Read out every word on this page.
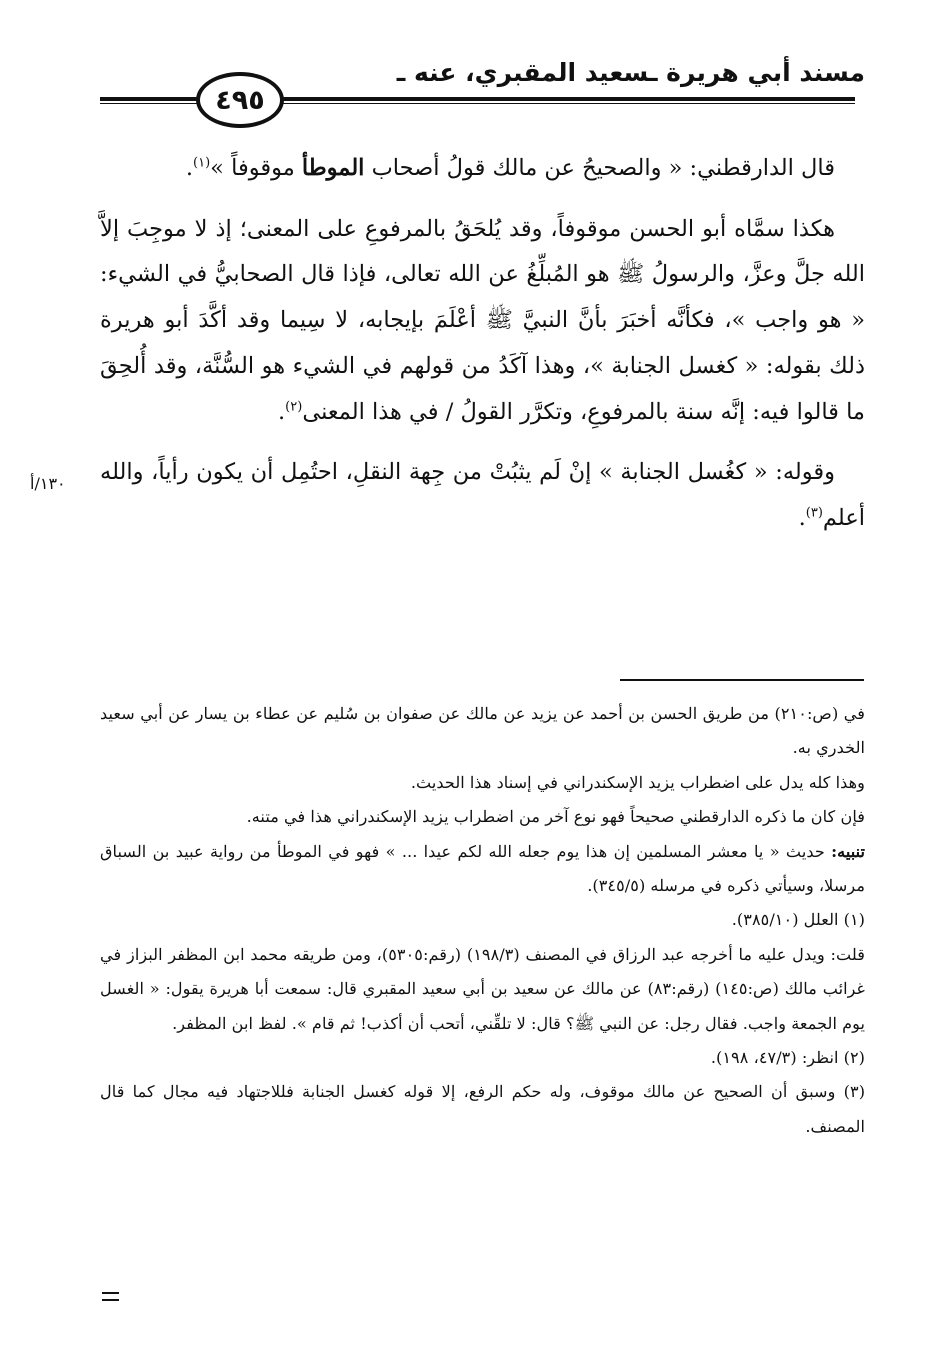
مسند أبي هريرة ـسعيد المقبري، عنه ـ
٤٩٥
١٣٠/أ

قال الدارقطني: « والصحيحُ عن مالك قولُ أصحاب الموطأ موقوفاً »$^{(١)}$.

هكذا سمَّاه أبو الحسن موقوفاً، وقد يُلحَقُ بالمرفوعِ على المعنى؛ إذ لا موجِبَ إلاَّ الله جلَّ وعزَّ، والرسولُ ﷺ هو المُبلِّغُ عن الله تعالى، فإذا قال الصحابيُّ في الشيء: « هو واجب »، فكأنَّه أخبَرَ بأنَّ النبيَّ ﷺ أعْلَمَ بإيجابه، لا سِيما وقد أكَّدَ أبو هريرة ذلك بقوله: « كغسل الجنابة »، وهذا آكَدُ من قولهم في الشيء هو السُّنَّة، وقد أُلحِقَ ما قالوا فيه: إنَّه سنة بالمرفوعِ، وتكرَّر القولُ / في هذا المعنى$^{(٢)}$.

وقوله: « كغُسل الجنابة » إنْ لَم يثبُتْ من جِهة النقلِ، احتُمِل أن يكون رأياً، والله أعلم$^{(٣)}$.

في (ص:٢١٠) من طريق الحسن بن أحمد عن يزيد عن مالك عن صفوان بن سُليم عن عطاء بن يسار عن أبي سعيد الخدري به.

وهذا كله يدل على اضطراب يزيد الإسكندراني في إسناد هذا الحديث.

فإن كان ما ذكره الدارقطني صحيحاً فهو نوع آخر من اضطراب يزيد الإسكندراني هذا في متنه.

تنبيه: حديث « يا معشر المسلمين إن هذا يوم جعله الله لكم عيدا ... » فهو في الموطأ من رواية عبيد بن السباق مرسلا، وسيأتي ذكره في مرسله (٣٤٥/٥).

(١) العلل (٣٨٥/١٠).

قلت: ويدل عليه ما أخرجه عبد الرزاق في المصنف (١٩٨/٣) (رقم:٥٣٠٥)، ومن طريقه محمد ابن المظفر البزاز في غرائب مالك (ص:١٤٥) (رقم:٨٣) عن مالك عن سعيد بن أبي سعيد المقبري قال: سمعت أبا هريرة يقول: « الغسل يوم الجمعة واجب. فقال رجل: عن النبي ﷺ؟ قال: لا تلقِّني، أتحب أن أكذب! ثم قام ». لفظ ابن المظفر.

(٢) انظر: (٤٧/٣، ١٩٨).

(٣) وسبق أن الصحيح عن مالك موقوف، وله حكم الرفع، إلا قوله كغسل الجنابة فللاجتهاد فيه مجال كما قال المصنف.
